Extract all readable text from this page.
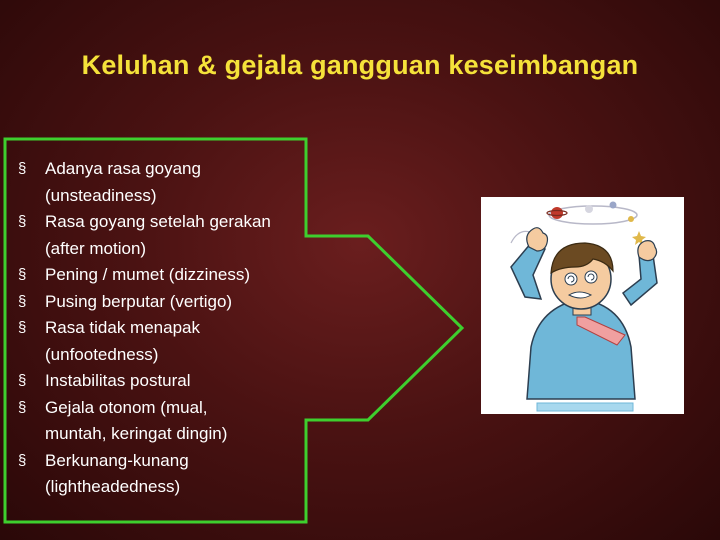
Keluhan & gejala gangguan keseimbangan
§	Adanya rasa goyang
(unsteadiness)
§	Rasa goyang setelah gerakan
(after motion)
§	Pening / mumet (dizziness)
§	Pusing berputar (vertigo)
§	Rasa tidak menapak
(unfootedness)
§	Instabilitas postural
§	Gejala otonom (mual,
muntah, keringat dingin)
§	Berkunang-kunang
(lightheadedness)
